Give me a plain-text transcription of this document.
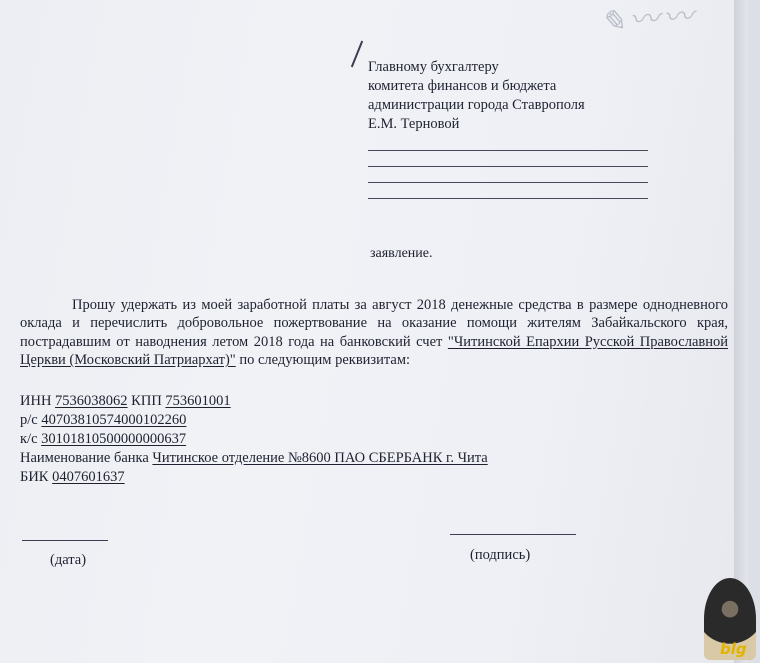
✎〰〰
Главному бухгалтеру
комитета финансов и бюджета
администрации города Ставрополя
Е.М. Терновой
заявление.
Прошу удержать из моей заработной платы за август 2018 денежные средства в размере однодневного оклада и перечислить добровольное пожертвование на оказание помощи жителям Забайкальского края, пострадавшим от наводнения летом 2018 года на банковский счет "Читинской Епархии Русской Православной Церкви (Московский Патриархат)" по следующим реквизитам:
ИНН 7536038062 КПП 753601001
р/с 40703810574000102260
к/с 30101810500000000637
Наименование банка Читинское отделение №8600 ПАО СБЕРБАНК г. Чита
БИК 0407601637
(дата)	(подпись)
blg
